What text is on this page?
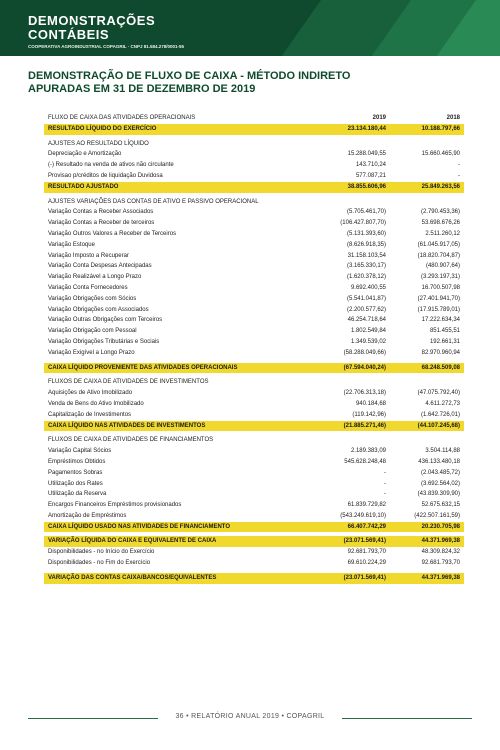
DEMONSTRAÇÕES
CONTÁBEIS
COOPERATIVA AGROINDUSTRIAL COPAGRIL · CNPJ 81.584.278/0001-55
DEMONSTRAÇÃO DE FLUXO DE CAIXA - MÉTODO INDIRETO
APURADAS EM 31 DE DEZEMBRO DE 2019
FLUXO DE CAIXA DAS ATIVIDADES OPERACIONAIS	2019	2018
RESULTADO LÍQUIDO DO EXERCÍCIO	23.134.180,44	10.188.797,66
AJUSTES AO RESULTADO LÍQUIDO
Depreciação e Amortização	15.288.049,55	15.660.465,90
(-) Resultado na venda de ativos não circulante	143.710,24	-
Provisao p/créditos de liquidação Duvidosa	577.087,21	-
RESULTADO AJUSTADO	38.855.606,96	25.849.263,56
AJUSTES VARIAÇÕES DAS CONTAS DE ATIVO E PASSIVO OPERACIONAL
Variação Contas a Receber Associados	(5.705.461,70)	(2.790.453,36)
Variação Contas a Receber de terceiros	(106.427.807,70)	53.698.676,26
Variação Outros Valores a Receber de Terceiros	(5.131.393,60)	2.511.260,12
Variação Estoque	(8.626.918,35)	(61.045.917,05)
Variação Imposto a Recuperar	31.158.103,54	(18.820.704,87)
Variação Conta Despesas Antecipadas	(3.165.330,17)	(480.907,64)
Variação Realizável a Longo Prazo	(1.620.378,12)	(3.293.197,31)
Variação Conta Fornecedores	9.692.400,55	16.700.507,98
Variação Obrigações com Sócios	(5.541.041,87)	(27.401.941,70)
Variação Obrigações com Associados	(2.200.577,62)	(17.915.789,01)
Variação Outras Obrigações com Terceiros	46.254.718,64	17.222.634,34
Variação Obrigação com Pessoal	1.802.549,84	851.455,51
Variação Obrigações Tributárias e Sociais	1.349.539,02	192.661,31
Variação Exigível a Longo Prazo	(58.288.049,66)	82.970.960,94
CAIXA LÍQUIDO PROVENIENTE DAS ATIVIDADES OPERACIONAIS	(67.594.040,24)	68.248.509,08
FLUXOS DE CAIXA DE ATIVIDADES DE INVESTIMENTOS
Aquisições de Ativo Imobilizado	(22.706.313,18)	(47.075.792,40)
Venda de Bens do Ativo Imobilizado	940.184,68	4.611.272,73
Capitalização de Investimentos	(119.142,96)	(1.642.726,01)
CAIXA LÍQUIDO NAS ATIVIDADES DE INVESTIMENTOS	(21.885.271,46)	(44.107.245,68)
FLUXOS DE CAIXA DE ATIVIDADES DE FINANCIAMENTOS
Variação Capital Sócios	2.189.383,09	3.504.114,88
Empréstimos Obtidos	545.628.248,48	436.133.480,18
Pagamentos Sobras	-	(2.043.485,72)
Utilização dos Rates	-	(3.692.564,02)
Utilização da Reserva	-	(43.839.309,90)
Encargos Financeiros Empréstimos provisionados	61.839.729,82	52.675.632,15
Amortização de Empréstimos	(543.249.619,10)	(422.507.161,59)
CAIXA LÍQUIDO USADO NAS ATIVIDADES DE FINANCIAMENTO	66.407.742,29	20.230.705,98
VARIAÇÃO LÍQUIDA DO CAIXA E EQUIVALENTE DE CAIXA	(23.071.569,41)	44.371.969,38
Disponibilidades - no Início do Exercício	92.681.793,70	48.309.824,32
Disponibilidades - no Fim do Exercício	69.610.224,29	92.681.793,70
VARIAÇÃO DAS CONTAS CAIXA/BANCOS/EQUIVALENTES	(23.071.569,41)	44.371.969,38
36 • RELATÓRIO ANUAL 2019 • COPAGRIL
